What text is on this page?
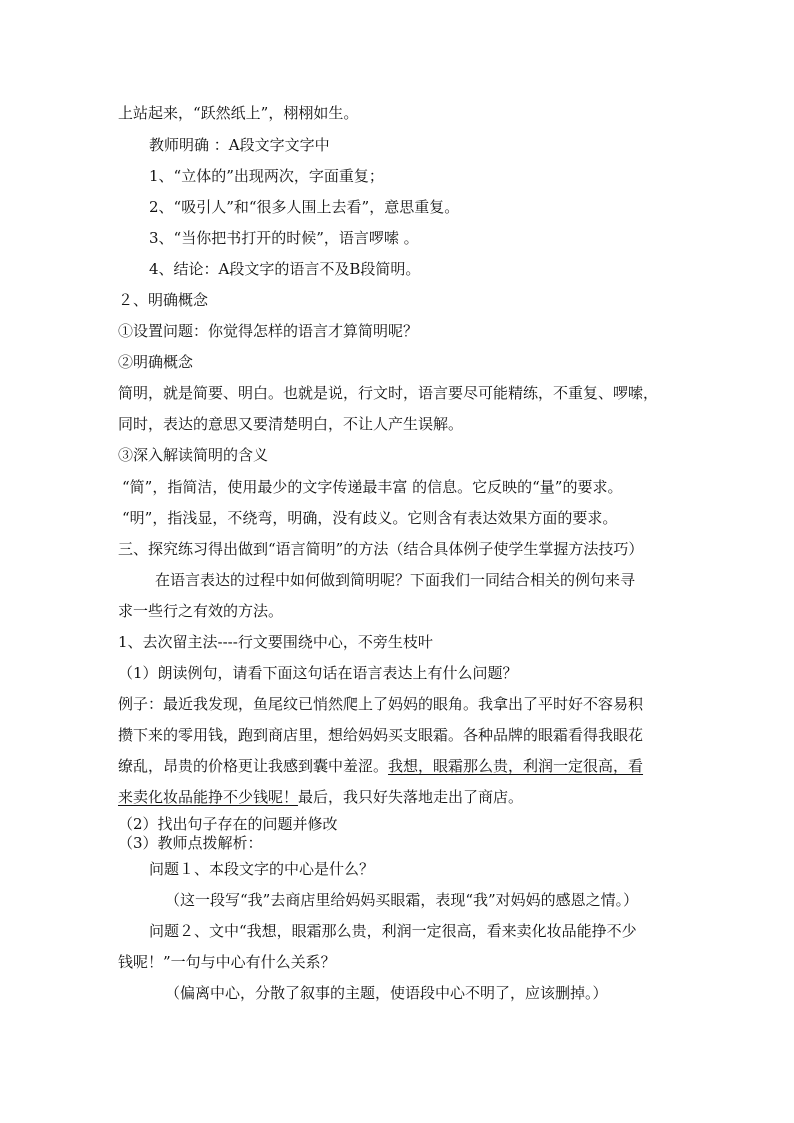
上站起来，“跃然纸上”，栩栩如生。
教师明确 ：A段文字文字中
1、“立体的”出现两次，字面重复；
2、“吸引人”和“很多人围上去看”，意思重复。
3、“当你把书打开的时候”，语言啰嗦 。
4、结论：A段文字的语言不及B段简明。
２、明确概念
①设置问题：你觉得怎样的语言才算简明呢？
②明确概念
简明，就是简要、明白。也就是说，行文时，语言要尽可能精练，不重复、啰嗦，
同时，表达的意思又要清楚明白，不让人产生误解。
③深入解读简明的含义
“简”，指简洁，使用最少的文字传递最丰富 的信息。它反映的“量”的要求。
“明”，指浅显，不绕弯，明确，没有歧义。它则含有表达效果方面的要求。
三、探究练习得出做到“语言简明”的方法（结合具体例子使学生掌握方法技巧）
在语言表达的过程中如何做到简明呢？下面我们一同结合相关的例句来寻
求一些行之有效的方法。
1、去次留主法----行文要围绕中心，不旁生枝叶
（1）朗读例句，请看下面这句话在语言表达上有什么问题？
例子：最近我发现，鱼尾纹已悄然爬上了妈妈的眼角。我拿出了平时好不容易积
攒下来的零用钱，跑到商店里，想给妈妈买支眼霜。各种品牌的眼霜看得我眼花
缭乱，昂贵的价格更让我感到囊中羞涩。我想，眼霜那么贵，利润一定很高，看
来卖化妆品能挣不少钱呢！最后，我只好失落地走出了商店。
（2）找出句子存在的问题并修改
（3）教师点拨解析：
问题１、本段文字的中心是什么？
（这一段写“我”去商店里给妈妈买眼霜，表现“我”对妈妈的感恩之情。）
问题２、文中“我想，眼霜那么贵，利润一定很高，看来卖化妆品能挣不少
钱呢！”一句与中心有什么关系？
（偏离中心，分散了叙事的主题，使语段中心不明了，应该删掉。）
